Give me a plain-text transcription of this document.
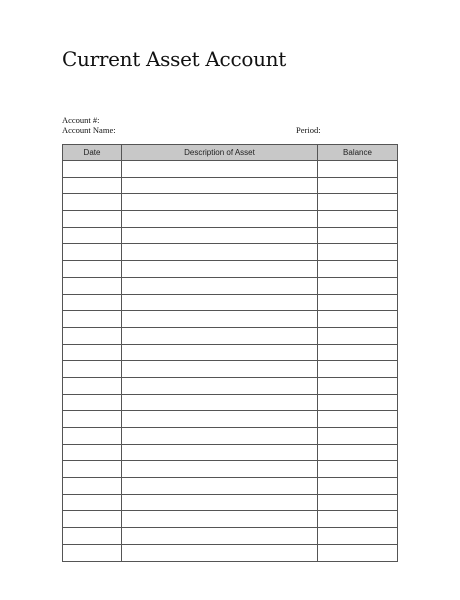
Current Asset Account
Account #:
Account Name:	Period:
Date	Description of Asset	Balance
